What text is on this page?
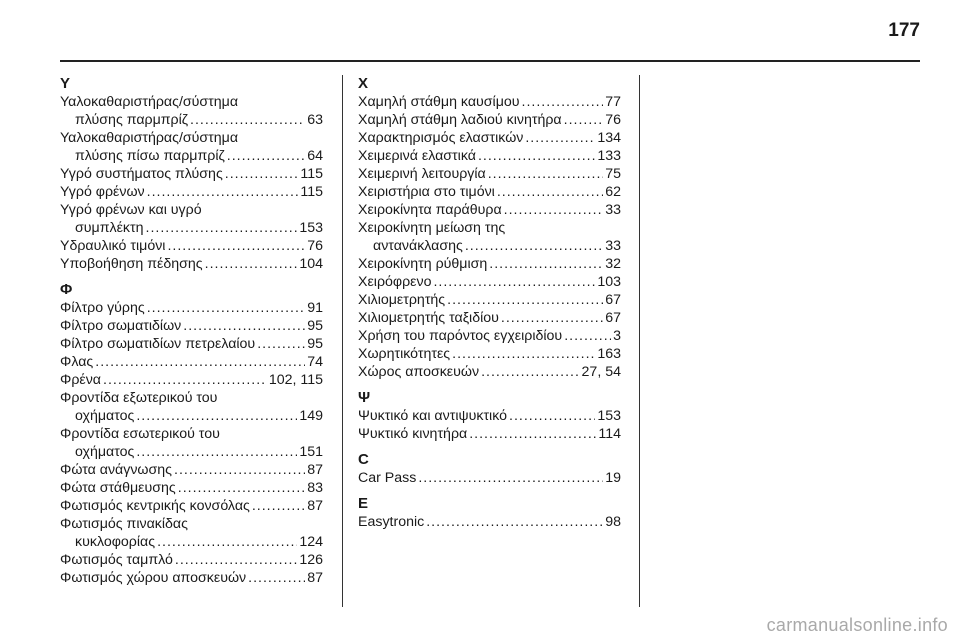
177
Υ
Υαλοκαθαριστήρας/σύστημα
πλύσης παρμπρίζ .....	63
Υαλοκαθαριστήρας/σύστημα
πλύσης πίσω παρμπρίζ .....	64
Υγρό συστήματος πλύσης .....	115
Υγρό φρένων .....	115
Υγρό φρένων και υγρό
συμπλέκτη .....	153
Υδραυλικό τιμόνι .....	76
Υποβοήθηση πέδησης .....	104
Φ
Φίλτρο γύρης .....	91
Φίλτρο σωματιδίων .....	95
Φίλτρο σωματιδίων πετρελαίου .....	95
Φλας .....	74
Φρένα .....	102, 115
Φροντίδα εξωτερικού του
οχήματος .....	149
Φροντίδα εσωτερικού του
οχήματος .....	151
Φώτα ανάγνωσης .....	87
Φώτα στάθμευσης .....	83
Φωτισμός κεντρικής κονσόλας .....	87
Φωτισμός πινακίδας
κυκλοφορίας .....	124
Φωτισμός ταμπλό .....	126
Φωτισμός χώρου αποσκευών .....	87
Χ
Χαμηλή στάθμη καυσίμου .....	77
Χαμηλή στάθμη λαδιού κινητήρα .....	76
Χαρακτηρισμός ελαστικών .....	134
Χειμερινά ελαστικά .....	133
Χειμερινή λειτουργία .....	75
Χειριστήρια στο τιμόνι .....	62
Χειροκίνητα παράθυρα .....	33
Χειροκίνητη μείωση της
αντανάκλασης .....	33
Χειροκίνητη ρύθμιση .....	32
Χειρόφρενο .....	103
Χιλιομετρητής .....	67
Χιλιομετρητής ταξιδίου .....	67
Χρήση του παρόντος εγχειριδίου .....	3
Χωρητικότητες .....	163
Χώρος αποσκευών .....	27, 54
Ψ
Ψυκτικό και αντιψυκτικό .....	153
Ψυκτικό κινητήρα .....	114
C
Car Pass .....	19
E
Easytronic .....	98
carmanualsonline.info
